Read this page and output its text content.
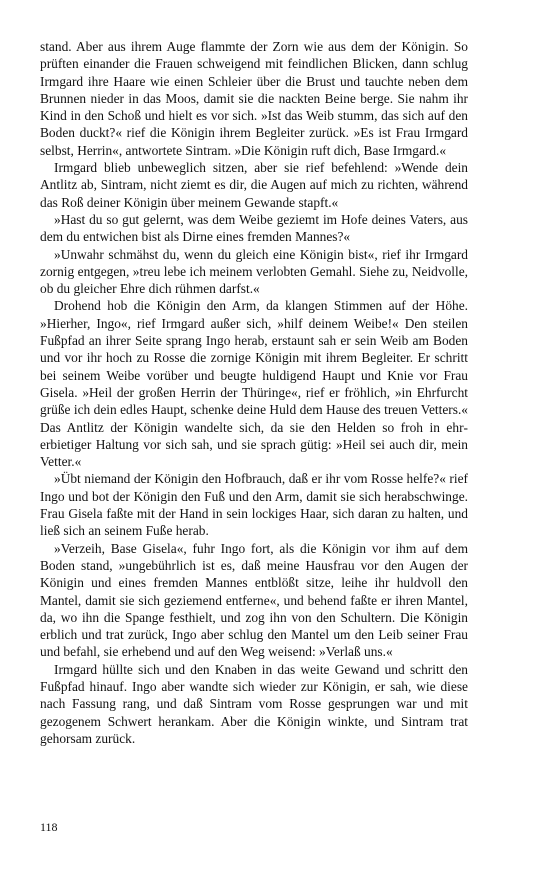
stand. Aber aus ihrem Auge flammte der Zorn wie aus dem der Königin. So prüften einander die Frauen schweigend mit feindlichen Blicken, dann schlug Irmgard ihre Haare wie einen Schleier über die Brust und tauchte neben dem Brunnen nieder in das Moos, damit sie die nackten Beine berge. Sie nahm ihr Kind in den Schoß und hielt es vor sich. »Ist das Weib stumm, das sich auf den Boden duckt?« rief die Königin ihrem Begleiter zurück. »Es ist Frau Irmgard selbst, Herrin«, antwortete Sintram. »Die Königin ruft dich, Base Irmgard.«

Irmgard blieb unbeweglich sitzen, aber sie rief befehlend: »Wende dein Antlitz ab, Sintram, nicht ziemt es dir, die Augen auf mich zu richten, während das Roß deiner Königin über meinem Gewande stapft.«

»Hast du so gut gelernt, was dem Weibe geziemt im Hofe deines Vaters, aus dem du entwichen bist als Dirne eines fremden Mannes?«

»Unwahr schmähst du, wenn du gleich eine Königin bist«, rief ihr Irmgard zornig entgegen, »treu lebe ich meinem verlobten Gemahl. Siehe zu, Neidvolle, ob du gleicher Ehre dich rühmen darfst.«

Drohend hob die Königin den Arm, da klangen Stimmen auf der Höhe. »Hierher, Ingo«, rief Irmgard außer sich, »hilf deinem Weibe!« Den steilen Fußpfad an ihrer Seite sprang Ingo herab, erstaunt sah er sein Weib am Boden und vor ihr hoch zu Rosse die zornige Königin mit ihrem Begleiter. Er schritt bei seinem Weibe vorüber und beugte huldigend Haupt und Knie vor Frau Gisela. »Heil der großen Herrin der Thüringe«, rief er fröhlich, »in Ehrfurcht grüße ich dein edles Haupt, schenke deine Huld dem Hause des treuen Vetters.« Das Antlitz der Königin wandelte sich, da sie den Helden so froh in ehrerbietiger Haltung vor sich sah, und sie sprach gütig: »Heil sei auch dir, mein Vetter.«

»Übt niemand der Königin den Hofbrauch, daß er ihr vom Rosse helfe?« rief Ingo und bot der Königin den Fuß und den Arm, damit sie sich herabschwinge. Frau Gisela faßte mit der Hand in sein lockiges Haar, sich daran zu halten, und ließ sich an seinem Fuße herab.

»Verzeih, Base Gisela«, fuhr Ingo fort, als die Königin vor ihm auf dem Boden stand, »ungebührlich ist es, daß meine Hausfrau vor den Augen der Königin und eines fremden Mannes entblößt sitze, leihe ihr huldvoll den Mantel, damit sie sich geziemend entferne«, und behend faßte er ihren Mantel, da, wo ihn die Spange festhielt, und zog ihn von den Schultern. Die Königin erblich und trat zurück, Ingo aber schlug den Mantel um den Leib seiner Frau und befahl, sie erhebend und auf den Weg weisend: »Verlaß uns.«

Irmgard hüllte sich und den Knaben in das weite Gewand und schritt den Fußpfad hinauf. Ingo aber wandte sich wieder zur Königin, er sah, wie diese nach Fassung rang, und daß Sintram vom Rosse gesprungen war und mit gezogenem Schwert herankam. Aber die Königin winkte, und Sintram trat gehorsam zurück.

118
